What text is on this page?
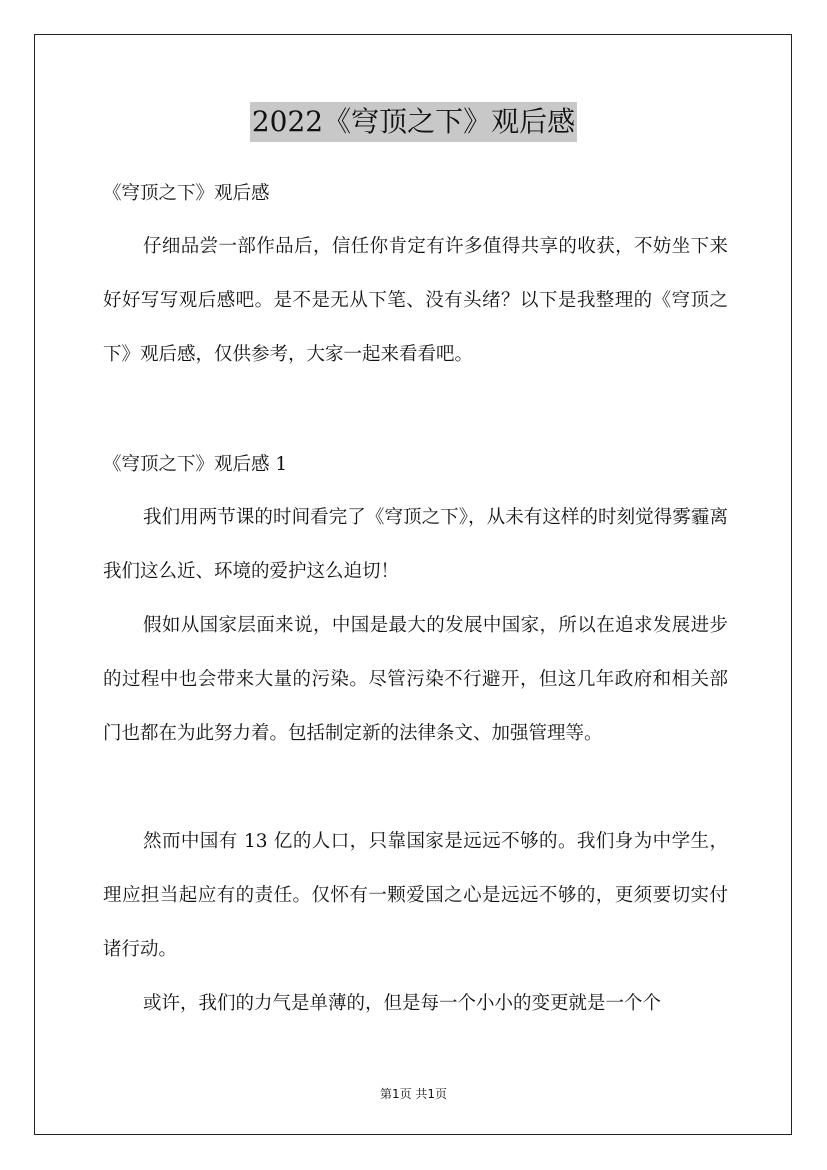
2022《穹顶之下》观后感
《穹顶之下》观后感

仔细品尝一部作品后，信任你肯定有许多值得共享的收获，不妨坐下来好好写写观后感吧。是不是无从下笔、没有头绪？以下是我整理的《穹顶之下》观后感，仅供参考，大家一起来看看吧。

《穹顶之下》观后感 1

我们用两节课的时间看完了《穹顶之下》，从未有这样的时刻觉得雾霾离我们这么近、环境的爱护这么迫切！

假如从国家层面来说，中国是最大的发展中国家，所以在追求发展进步的过程中也会带来大量的污染。尽管污染不行避开，但这几年政府和相关部门也都在为此努力着。包括制定新的法律条文、加强管理等。

然而中国有 13 亿的人口，只靠国家是远远不够的。我们身为中学生，理应担当起应有的责任。仅怀有一颗爱国之心是远远不够的，更须要切实付诸行动。

或许，我们的力气是单薄的，但是每一个小小的变更就是一个个

第1页 共1页
